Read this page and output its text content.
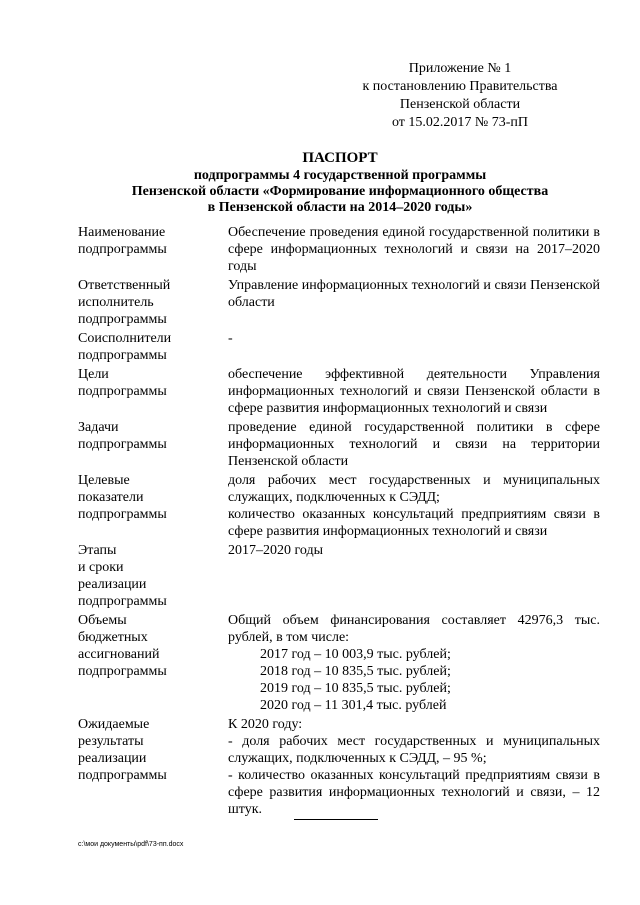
Приложение № 1
к постановлению Правительства
Пензенской области
от 15.02.2017 № 73-пП
ПАСПОРТ
подпрограммы 4 государственной программы
Пензенской области «Формирование информационного общества
в Пензенской области на 2014–2020 годы»
Наименование
подпрограммы
Обеспечение проведения единой государственной политики в сфере информационных технологий и связи на 2017–2020 годы
Ответственный
исполнитель
подпрограммы
Управление информационных технологий и связи Пензенской области
Соисполнители
подпрограммы
-
Цели
подпрограммы
обеспечение эффективной деятельности Управления информационных технологий и связи Пензенской области в сфере развития информационных технологий и связи
Задачи
подпрограммы
проведение единой государственной политики в сфере информационных технологий и связи на территории Пензенской области
Целевые
показатели
подпрограммы
доля рабочих мест государственных и муниципальных служащих, подключенных к СЭДД;
количество оказанных консультаций предприятиям связи в сфере развития информационных технологий и связи
Этапы
и сроки
реализации
подпрограммы
2017–2020 годы
Объемы
бюджетных
ассигнований
подпрограммы
Общий объем финансирования составляет 42976,3 тыс. рублей, в том числе:
2017 год – 10 003,9 тыс. рублей;
2018 год – 10 835,5 тыс. рублей;
2019 год – 10 835,5 тыс. рублей;
2020 год – 11 301,4 тыс. рублей
Ожидаемые
результаты
реализации
подпрограммы
К 2020 году:
- доля рабочих мест государственных и муниципальных служащих, подключенных к СЭДД, – 95 %;
- количество оказанных консультаций предприятиям связи в сфере развития информационных технологий и связи, – 12 штук.
c:\мои документы\pdf\73-пп.docx
